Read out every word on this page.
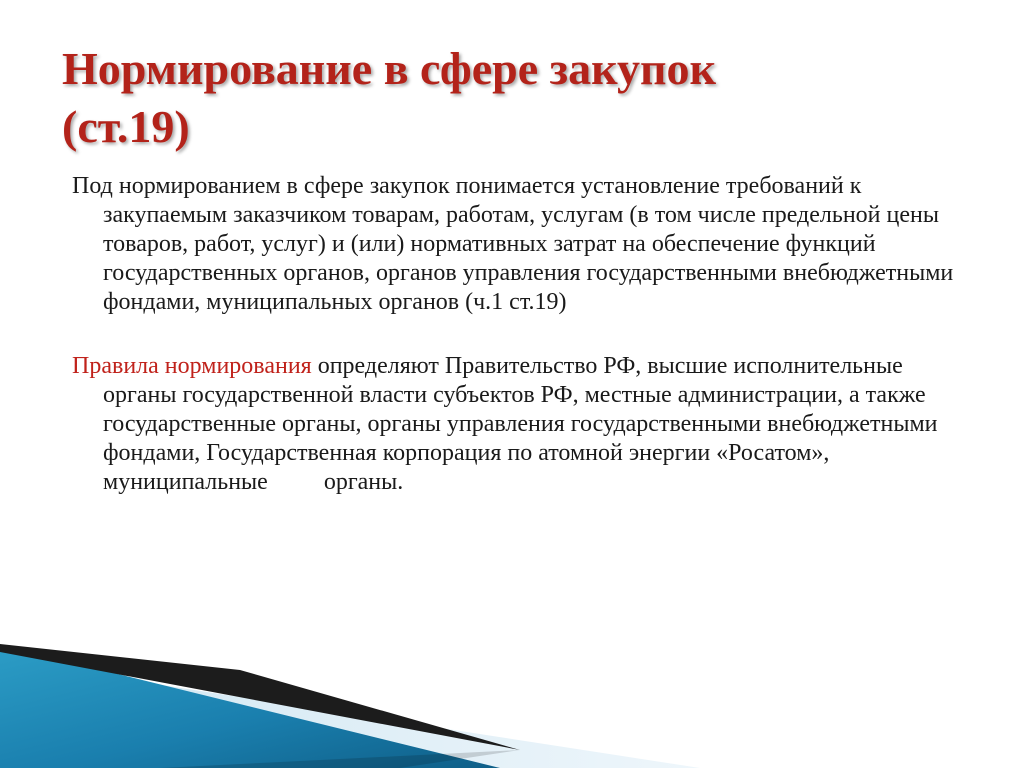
Нормирование в сфере закупок
(ст.19)

Под нормированием в сфере закупок понимается установление требований к закупаемым заказчиком товарам, работам, услугам (в том числе предельной цены товаров, работ, услуг) и (или) нормативных затрат на обеспечение функций государственных органов, органов управления государственными внебюджетными фондами, муниципальных органов (ч.1 ст.19)

Правила нормирования определяют Правительство РФ, высшие исполнительные органы государственной власти субъектов РФ, местные администрации, а также государственные органы, органы управления государственными внебюджетными фондами, Государственная корпорация по атомной энергии «Росатом», муниципальные органы.
